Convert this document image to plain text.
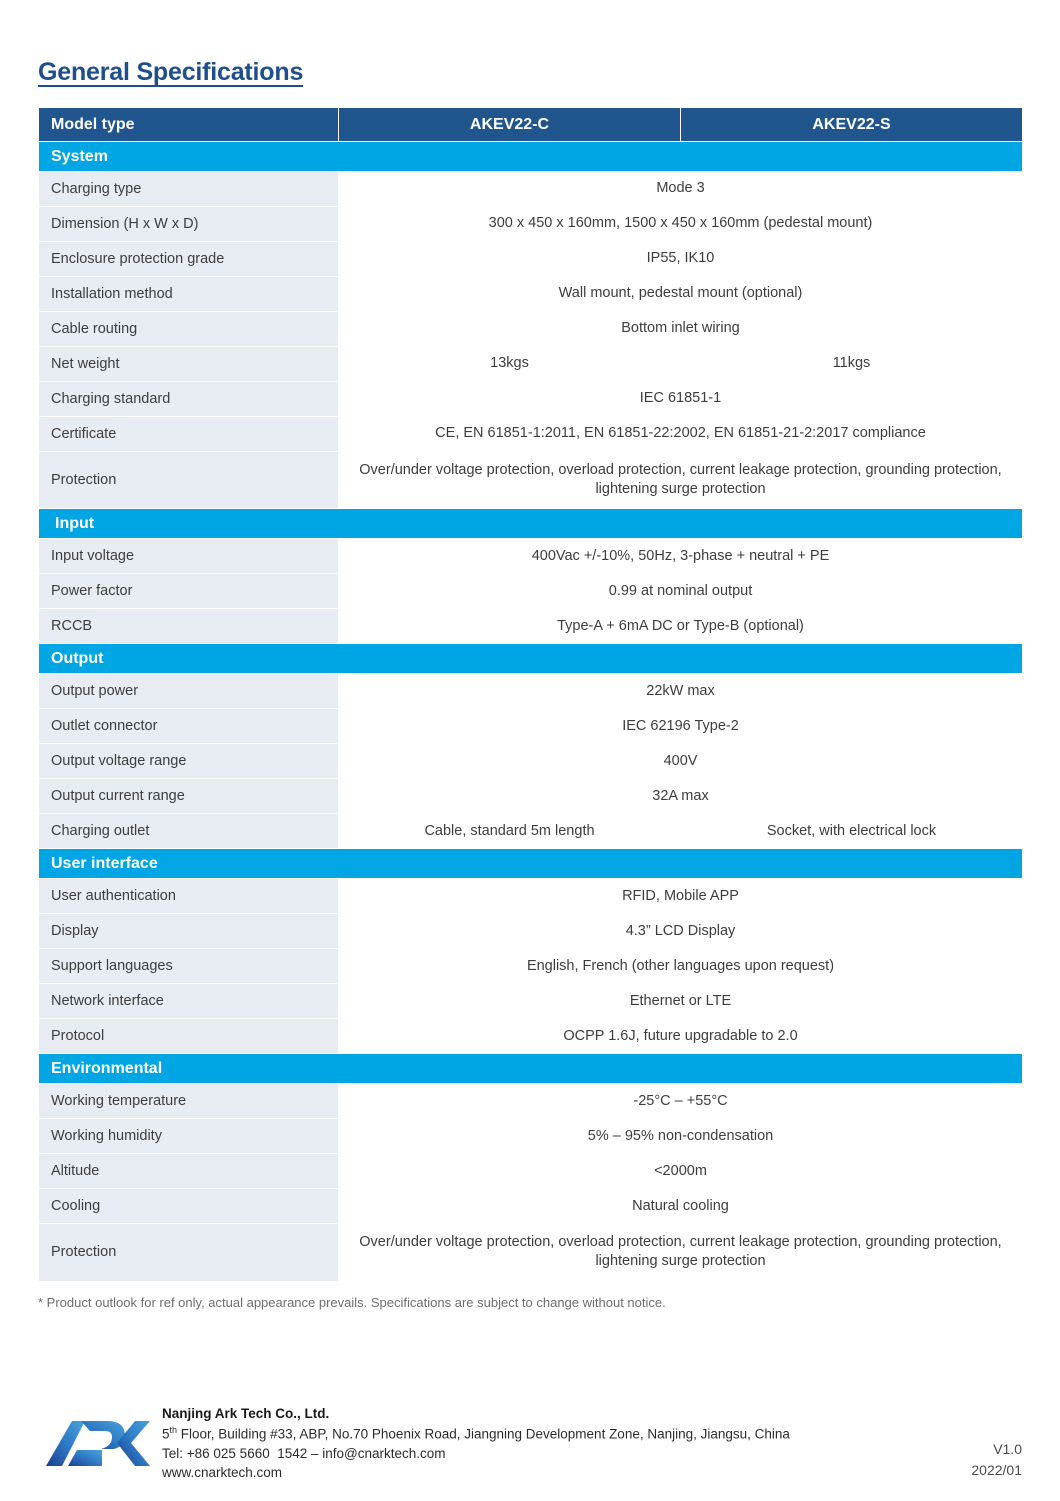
General Specifications
Model type	AKEV22-C	AKEV22-S
System		
Charging type	Mode 3	
Dimension (H x W x D)	300 x 450 x 160mm, 1500 x 450 x 160mm (pedestal mount)	
Enclosure protection grade	IP55, IK10	
Installation method	Wall mount, pedestal mount (optional)	
Cable routing	Bottom inlet wiring	
Net weight	13kgs	11kgs
Charging standard	IEC 61851-1	
Certificate	CE, EN 61851-1:2011, EN 61851-22:2002, EN 61851-21-2:2017 compliance	
Protection	Over/under voltage protection, overload protection, current leakage protection, grounding protection, lightening surge protection	
Input		
Input voltage	400Vac +/-10%, 50Hz, 3-phase + neutral + PE	
Power factor	0.99 at nominal output	
RCCB	Type-A + 6mA DC or Type-B (optional)	
Output		
Output power	22kW max	
Outlet connector	IEC 62196 Type-2	
Output voltage range	400V	
Output current range	32A max	
Charging outlet	Cable, standard 5m length	Socket, with electrical lock
User interface		
User authentication	RFID, Mobile APP	
Display	4.3” LCD Display	
Support languages	English, French (other languages upon request)	
Network interface	Ethernet or LTE	
Protocol	OCPP 1.6J, future upgradable to 2.0	
Environmental		
Working temperature	-25°C – +55°C	
Working humidity	5% – 95% non-condensation	
Altitude	<2000m	
Cooling	Natural cooling	
Protection	Over/under voltage protection, overload protection, current leakage protection, grounding protection, lightening surge protection	
* Product outlook for ref only, actual appearance prevails. Specifications are subject to change without notice.
Nanjing Ark Tech Co., Ltd.
5th Floor, Building #33, ABP, No.70 Phoenix Road, Jiangning Development Zone, Nanjing, Jiangsu, China
Tel: +86 025 5660  1542 – info@cnarktech.com
www.cnarktech.com
V1.0
2022/01
